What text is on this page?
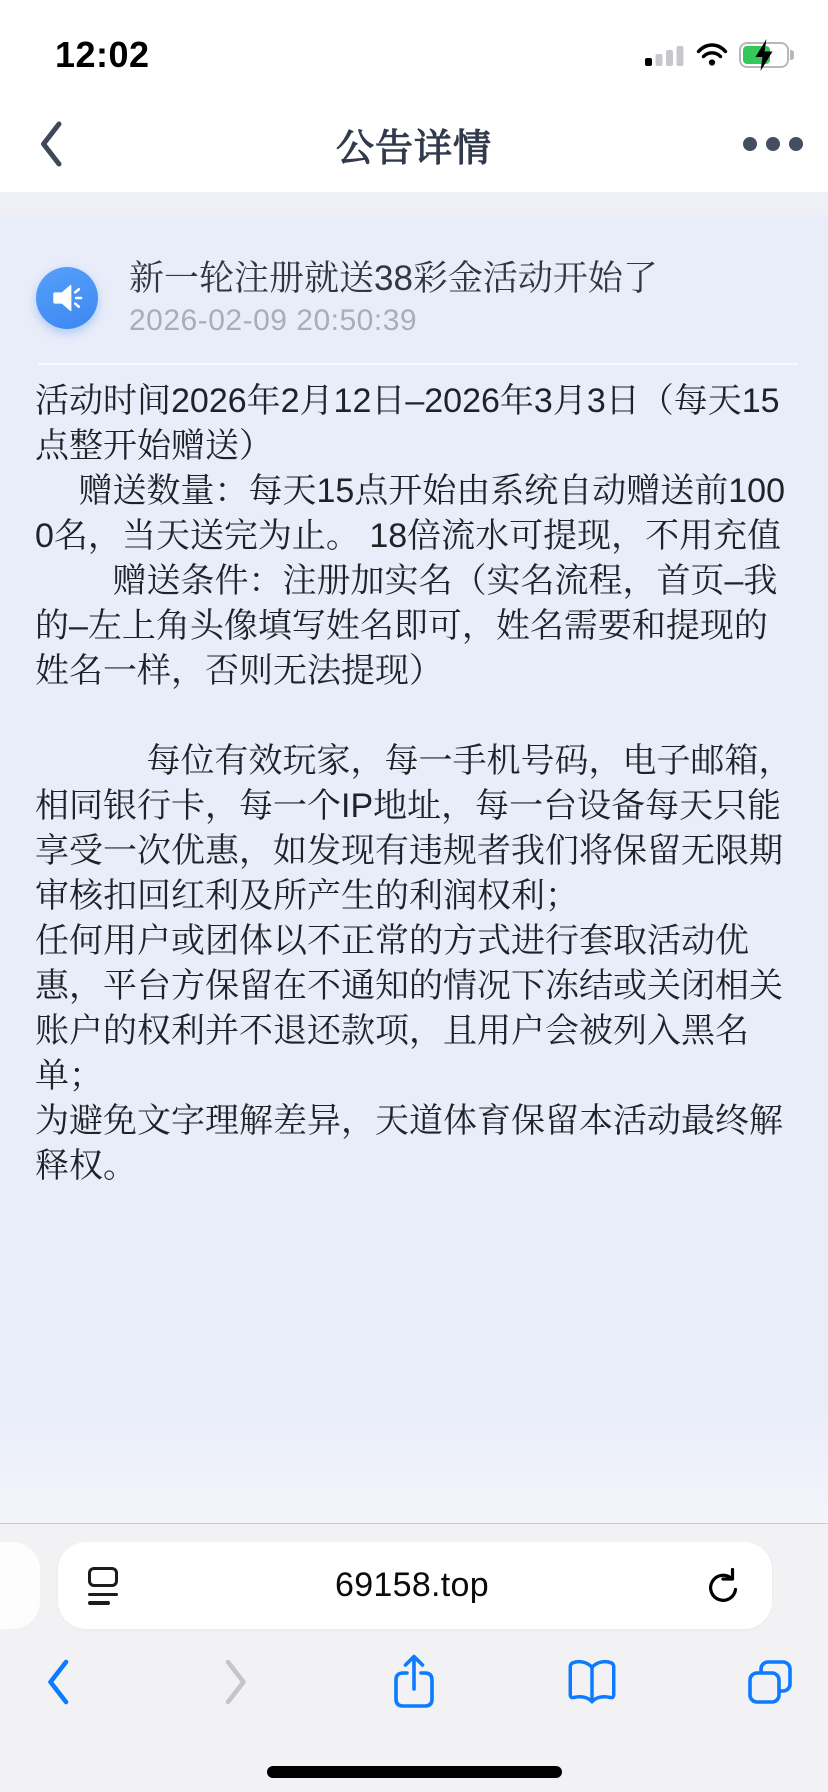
12:02
公告详情
新一轮注册就送38彩金活动开始了
2026-02-09 20:50:39
活动时间2026年2月12日–2026年3月3日（每天15点整开始赠送）
　 赠送数量：每天15点开始由系统自动赠送前1000名，当天送完为止。 18倍流水可提现，不用充值
　　 赠送条件：注册加实名（实名流程，首页–我的–左上角头像填写姓名即可，姓名需要和提现的姓名一样，否则无法提现）
　　　 每位有效玩家，每一手机号码，电子邮箱，相同银行卡，每一个IP地址，每一台设备每天只能享受一次优惠，如发现有违规者我们将保留无限期审核扣回红利及所产生的利润权利；
任何用户或团体以不正常的方式进行套取活动优惠，平台方保留在不通知的情况下冻结或关闭相关账户的权利并不退还款项，且用户会被列入黑名单；
为避免文字理解差异，天道体育保留本活动最终解释权。
69158.top
